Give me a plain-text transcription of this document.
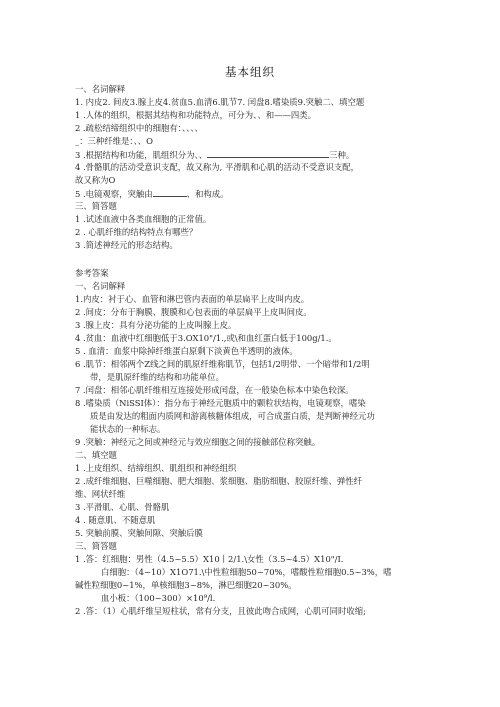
基本组织
一、名词解释
1. 内皮2. 间皮3.腺上皮4.贫血5.血清6.肌节7. 闰盘8.嗜染质9.突触二、填空题
1 .人体的组织，根据其结构和功能特点，可分为、、和——四类。
2 .疏松结缔组织中的细胞有：、、、、
_：三种纤维是：、、O
3 .根据结构和功能，肌组织分为、、	三种。
4 .骨骼肌的活动受意识支配，故又称为, 平滑肌和心肌的活动不受意识支配，
故又称为O
5 .电镜观察，突触由	、和构成。
三、简答题
1 .试述血液中各类血细胞的正常值。
2 . 心肌纤维的结构特点有哪些？
3 .简述神经元的形态结构。
参考答案
一、名词解释
1.内皮：衬于心、血管和淋巴管内表面的单层扁平上皮叫内皮。
2 .间皮：分布于胸膜、腹膜和心包表面的单层扁平上皮叫间皮。
3 .腺上皮：具有分泌功能的上皮叫腺上皮。
4 .贫血：血液中红细胞低于3.OX10"/1.,或\和血红蛋白低于100g/1.。
5 . 血清：血浆中除掉纤维蛋白原剩下淡黄色半透明的液体。
6 .肌节：相邻两个Z线之间的肌原纤维称肌节，包括1/2明带、一个暗带和1/2明
带，是肌原纤维的结构和功能单位。
7 .闰盘：相邻心肌纤维相互连接处形成闰盘，在一般染色标本中染色较深。
8 .嗜染质（NiSSI体）：指分布于神经元胞质中的颗粒状结构，电镜观察，嗜染
质是由发达的粗面内质网和游离核糖体组成，可合成蛋白质，是判断神经元功
能状态的一种标志。
9 .突触：神经元之间或神经元与效应细胞之间的接触部位称突触。
二、填空题
1 .上皮组织、结缔组织、肌组织和神经组织
2 .成纤维细胞、巨噬细胞、肥大细胞、浆细胞、脂肪细胞、胶原纤维、弹性纤
维、网状纤维
3 .平滑肌、心肌、骨骼肌
4 . 随意肌、不随意肌
5. 突触前膜、突触间隙、突触后膜
三、简答题
1 .答：红细胞：男性（4.5~5.5）X10丨2/1.\女性（3.5~4.5）X10"/I.
白细胞：（4~10）X1O71.\中性粒细胞50~70%，嗜酸性粒细胞0.5~3%，嗜
碱性粒细胞0~1%，单核细胞3~8%，淋巴细胞20~30%。
血小板：（100~300）×10⁹/l.
2 .答：（1）心肌纤维呈短柱状，常有分支，且彼此吻合成网，心肌可同时收缩;
